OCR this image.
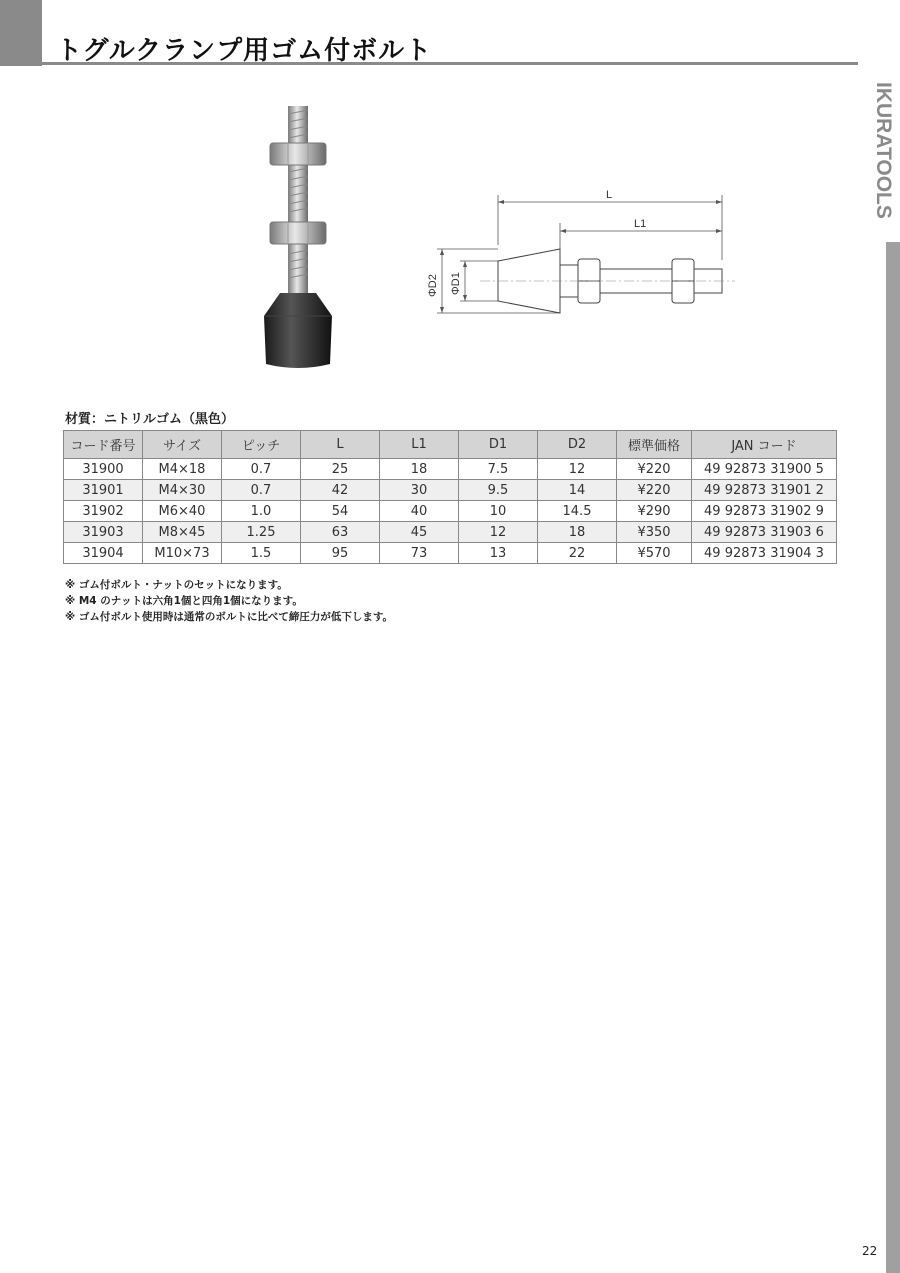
トグルクランプ用ゴム付ボルト
IKURATOOLS
L
L1
ΦD2 ΦD1
材質：ニトリルゴム（黒色）
コード番号	サイズ	ピッチ	L	L1	D1	D2	標準価格	JAN コード
31900	M4×18	0.7	25	18	7.5	12	¥220	49 92873 31900 5
31901	M4×30	0.7	42	30	9.5	14	¥220	49 92873 31901 2
31902	M6×40	1.0	54	40	10	14.5	¥290	49 92873 31902 9
31903	M8×45	1.25	63	45	12	18	¥350	49 92873 31903 6
31904	M10×73	1.5	95	73	13	22	¥570	49 92873 31904 3
※ ゴム付ボルト・ナットのセットになります。
※ M4 のナットは六角1個と四角1個になります。
※ ゴム付ボルト使用時は通常のボルトに比べて締圧力が低下します。
22
